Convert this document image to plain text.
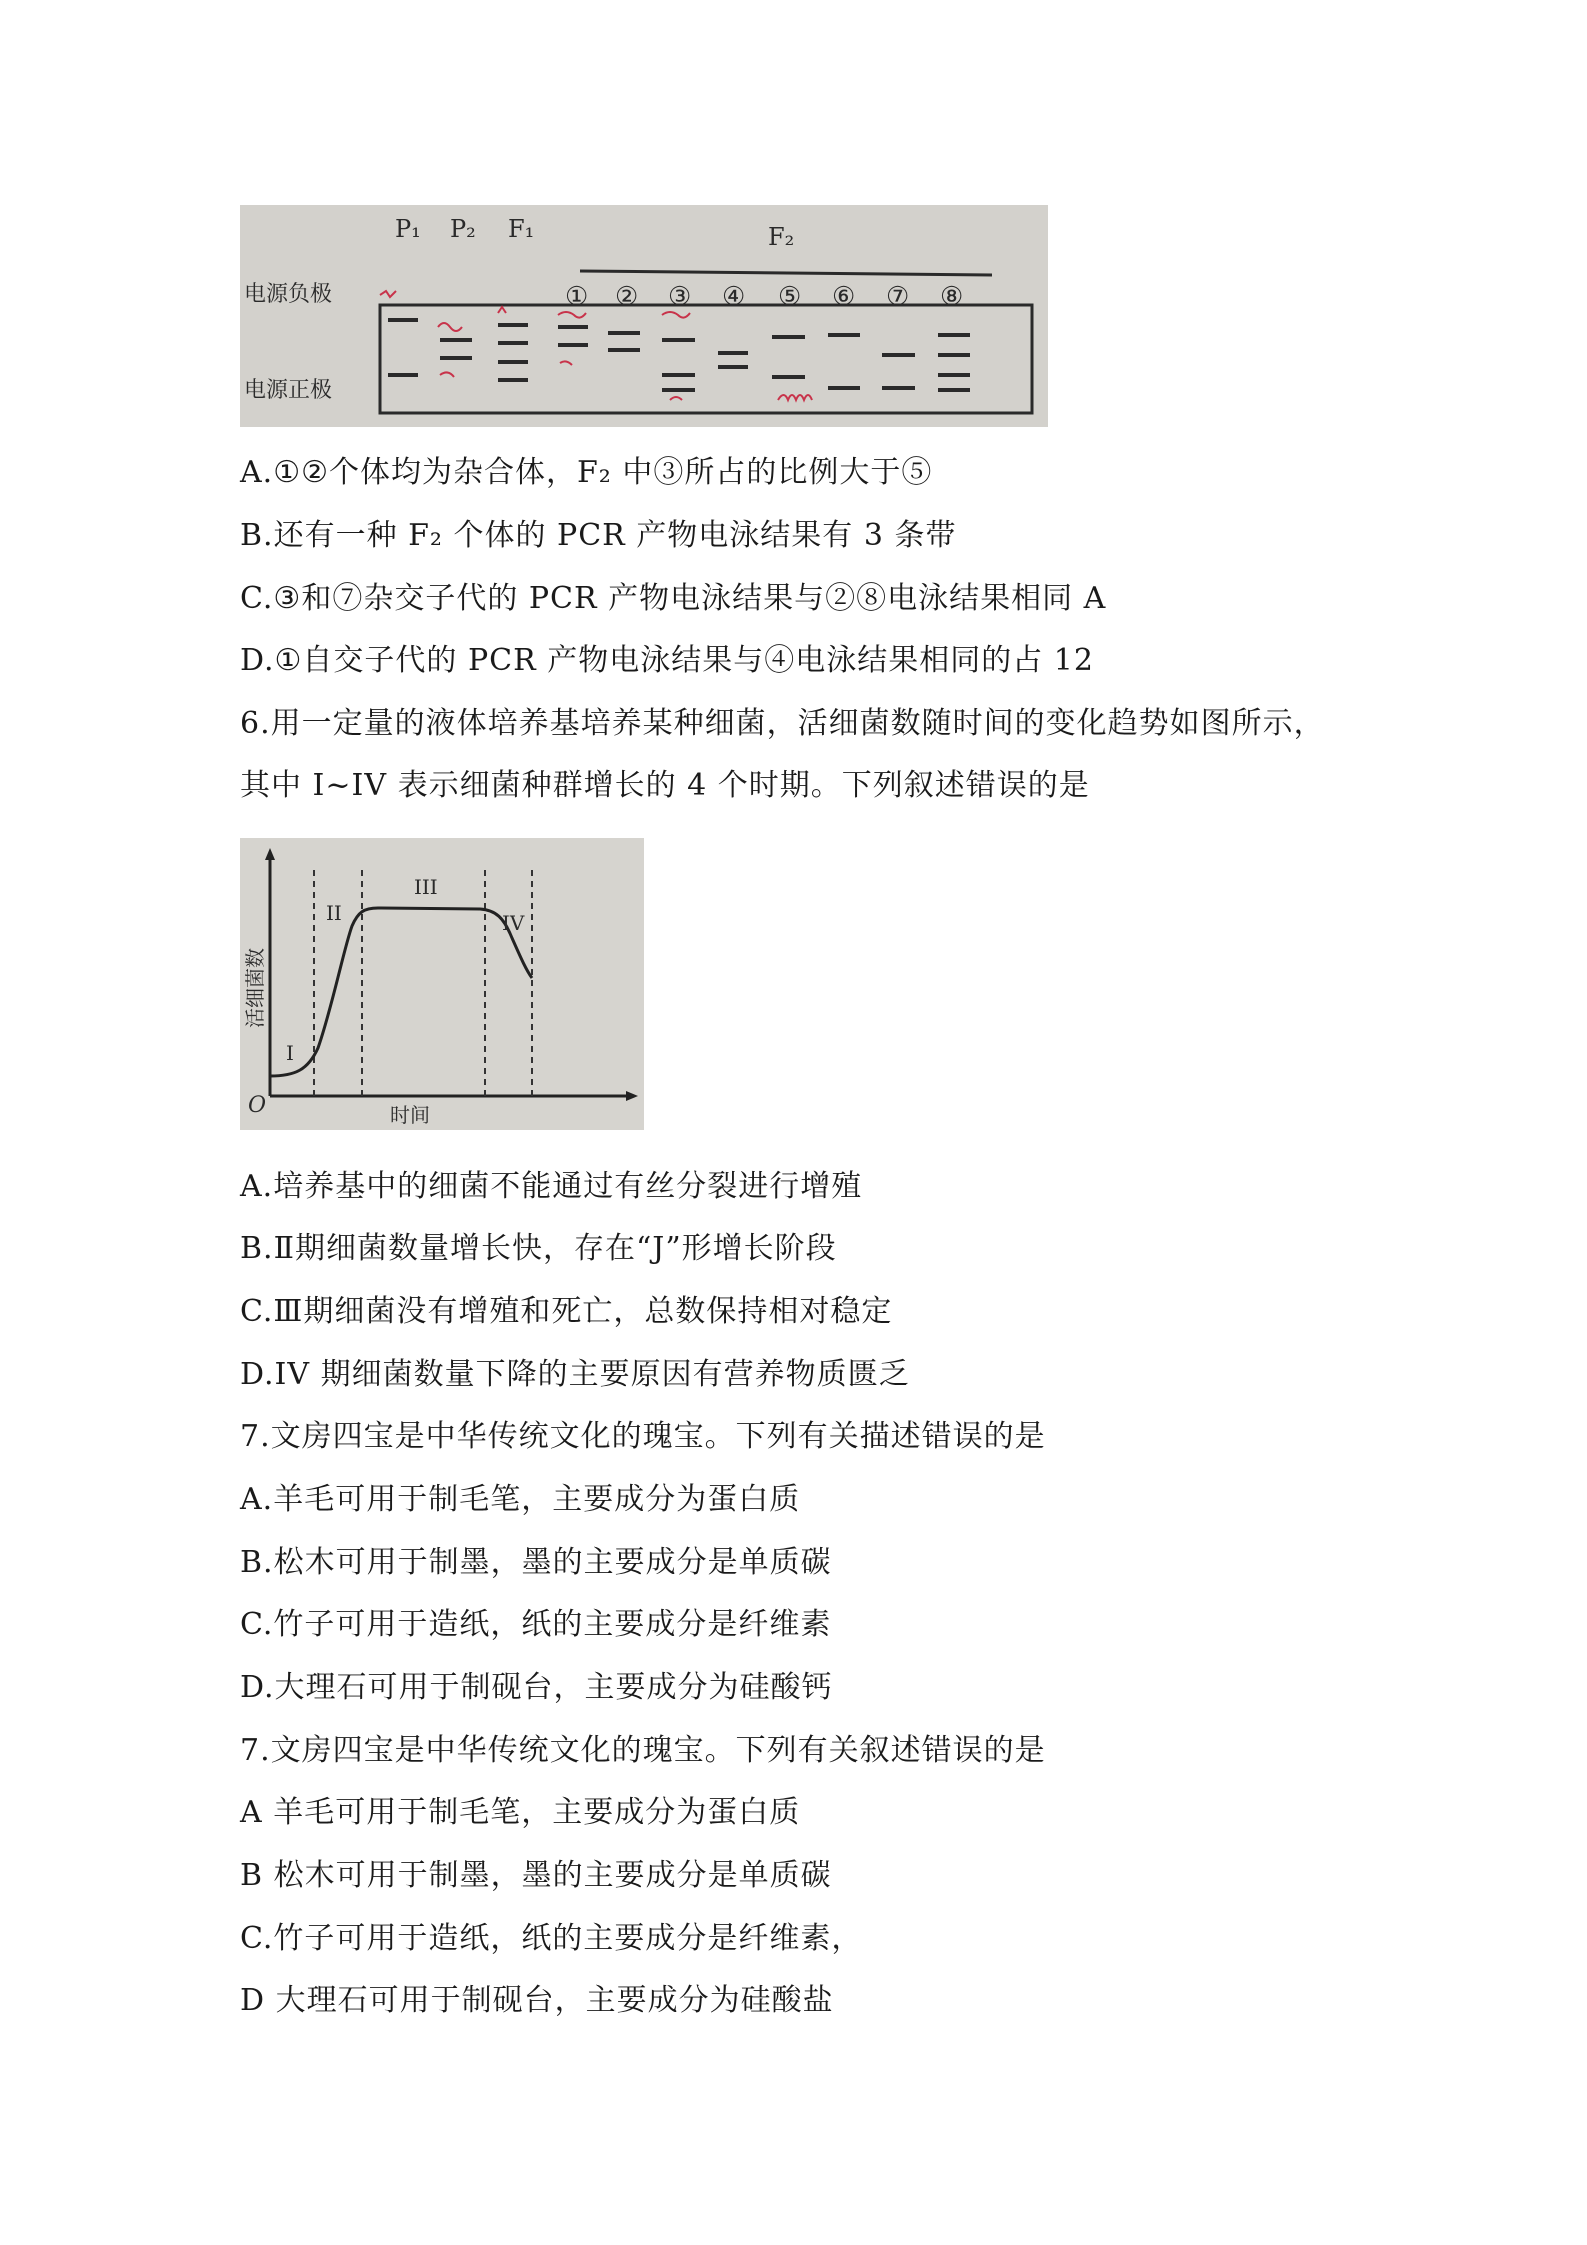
P₁ P₂ F₁	F₂
① ② ③ ④ ⑤ ⑥ ⑦ ⑧
电源负极
电源正极
A.①②个体均为杂合体，F₂ 中③所占的比例大于⑤
B.还有一种 F₂ 个体的 PCR 产物电泳结果有 3 条带
C.③和⑦杂交子代的 PCR 产物电泳结果与②⑧电泳结果相同 A
D.①自交子代的 PCR 产物电泳结果与④电泳结果相同的占 12
6.用一定量的液体培养基培养某种细菌，活细菌数随时间的变化趋势如图所示，
其中 I~IV 表示细菌种群增长的 4 个时期。下列叙述错误的是
I
II
III
IV
活细菌数
时间
O
A.培养基中的细菌不能通过有丝分裂进行增殖
B.Ⅱ期细菌数量增长快，存在“J”形增长阶段
C.Ⅲ期细菌没有增殖和死亡，总数保持相对稳定
D.IV 期细菌数量下降的主要原因有营养物质匮乏
7.文房四宝是中华传统文化的瑰宝。下列有关描述错误的是
A.羊毛可用于制毛笔，主要成分为蛋白质
B.松木可用于制墨，墨的主要成分是单质碳
C.竹子可用于造纸，纸的主要成分是纤维素
D.大理石可用于制砚台，主要成分为硅酸钙
7.文房四宝是中华传统文化的瑰宝。下列有关叙述错误的是
A 羊毛可用于制毛笔，主要成分为蛋白质
B 松木可用于制墨，墨的主要成分是单质碳
C.竹子可用于造纸，纸的主要成分是纤维素，
D 大理石可用于制砚台，主要成分为硅酸盐
